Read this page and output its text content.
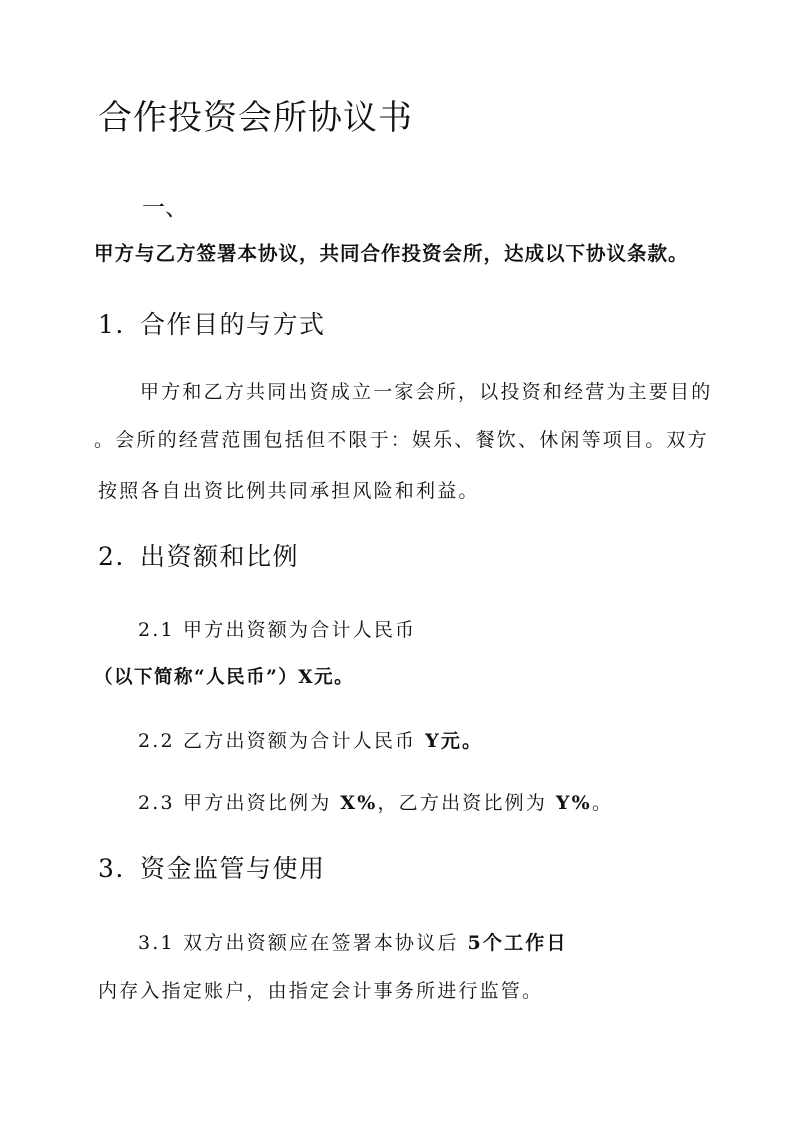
合作投资会所协议书
一、
甲方与乙方签署本协议，共同合作投资会所，达成以下协议条款。
1. 合作目的与方式
甲方和乙方共同出资成立一家会所，以投资和经营为主要目的
。会所的经营范围包括但不限于：娱乐、餐饮、休闲等项目。双方
按照各自出资比例共同承担风险和利益。
2. 出资额和比例
2.1 甲方出资额为合计人民币
（以下简称“人民币”）X元。
2.2 乙方出资额为合计人民币 Y元。
2.3 甲方出资比例为 X%，乙方出资比例为 Y%。
3. 资金监管与使用
3.1 双方出资额应在签署本协议后 5个工作日
内存入指定账户，由指定会计事务所进行监管。
